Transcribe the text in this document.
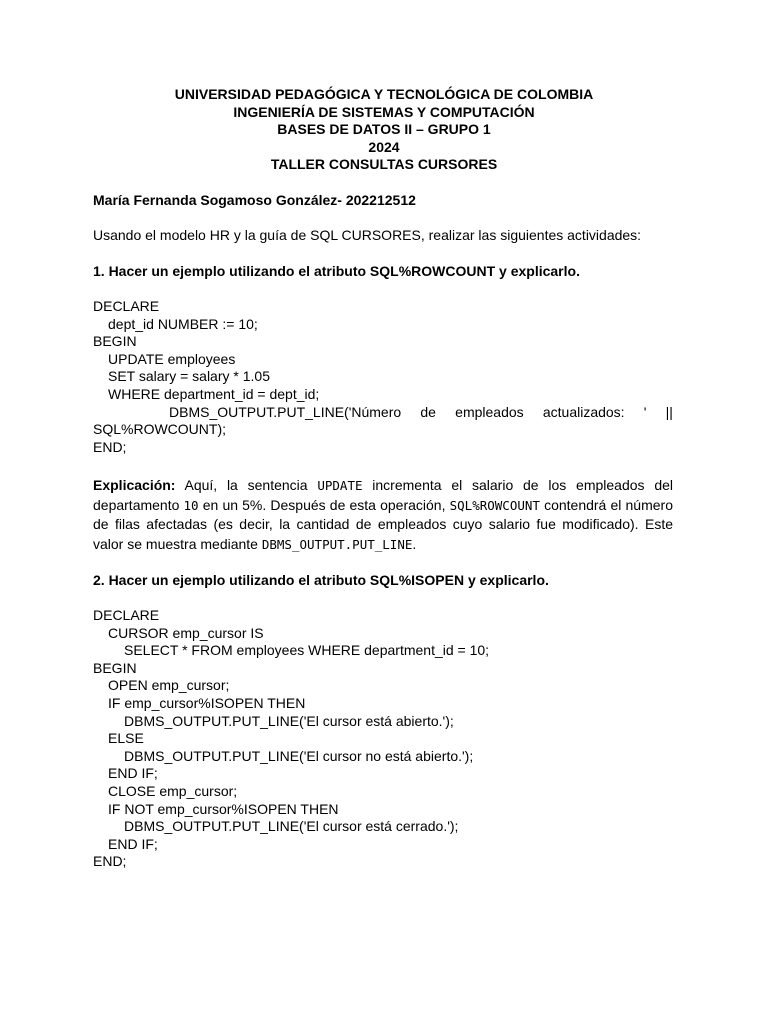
UNIVERSIDAD PEDAGÓGICA Y TECNOLÓGICA DE COLOMBIA
INGENIERÍA DE SISTEMAS Y COMPUTACIÓN
BASES DE DATOS II – GRUPO 1
2024
TALLER CONSULTAS CURSORES
María Fernanda Sogamoso González- 202212512
Usando el modelo HR y la guía de SQL CURSORES, realizar las siguientes actividades:
1. Hacer un ejemplo utilizando el atributo SQL%ROWCOUNT y explicarlo.
DECLARE
dept_id NUMBER := 10;
BEGIN
UPDATE employees
SET salary = salary * 1.05
WHERE department_id = dept_id;
DBMS_OUTPUT.PUT_LINE('Número de empleados actualizados: ' ||
SQL%ROWCOUNT);
END;
Explicación: Aquí, la sentencia UPDATE incrementa el salario de los empleados del departamento 10 en un 5%. Después de esta operación, SQL%ROWCOUNT contendrá el número de filas afectadas (es decir, la cantidad de empleados cuyo salario fue modificado). Este valor se muestra mediante DBMS_OUTPUT.PUT_LINE.
2. Hacer un ejemplo utilizando el atributo SQL%ISOPEN y explicarlo.
DECLARE
CURSOR emp_cursor IS
SELECT * FROM employees WHERE department_id = 10;
BEGIN
OPEN emp_cursor;
IF emp_cursor%ISOPEN THEN
DBMS_OUTPUT.PUT_LINE('El cursor está abierto.');
ELSE
DBMS_OUTPUT.PUT_LINE('El cursor no está abierto.');
END IF;
CLOSE emp_cursor;
IF NOT emp_cursor%ISOPEN THEN
DBMS_OUTPUT.PUT_LINE('El cursor está cerrado.');
END IF;
END;
